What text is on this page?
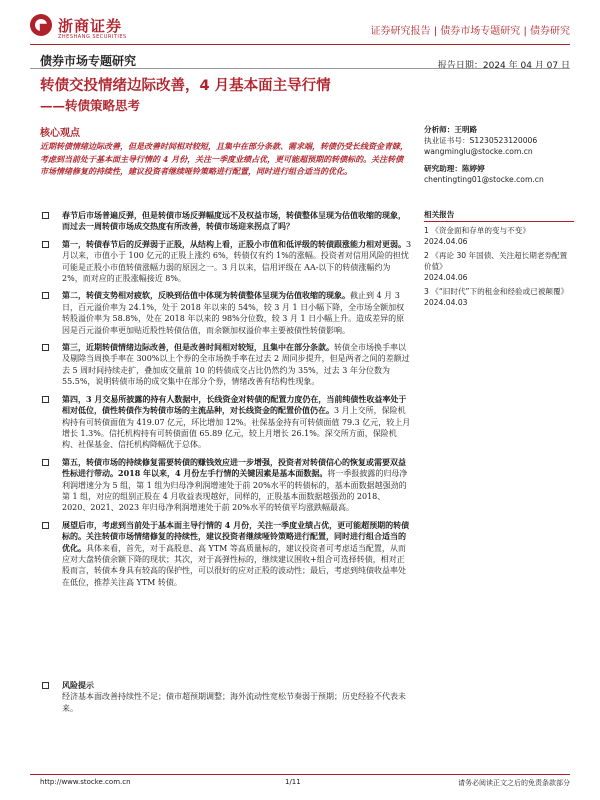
浙商证券
ZHESHANG SECURITIES	证券研究报告 | 债券市场专题研究 | 债券研究
债券市场专题研究	报告日期：2024 年 04 月 07 日
转债交投情绪边际改善，4 月基本面主导行情
——转债策略思考
核心观点
近期转债情绪边际改善，但是改善时间相对较短，且集中在部分条款、需求端，转债仍受长线资金青睐，考虑到当前处于基本面主导行情的 4 月份，关注一季度业绩占优，更可能超预期的转债标的。关注转债市场情绪修复的持续性，建议投资者继续哑铃策略进行配置，同时进行组合适当的优化。
分析师：王明路
执业证书号：S1230523120006
wangminglu@stocke.com.cn
研究助理：陈婷婷
chentingting01@stocke.com.cn
相关报告
1 《资金面和存单的变与不变》
2024.04.06
2 《再论 30 年国债、关注超长期老券配置价值》
2024.04.06
3 《“旧时代”下的租金和经验或已被颠覆》
2024.04.03
春节后市场普遍反弹，但是转债市场反弹幅度远不及权益市场，转债整体呈现为估值收缩的现象，而过去一周转债市场成交热度有所改善，转债市场迎来拐点了吗？
第一，转债春节后的反弹弱于正股，从结构上看，正股小市值和低评级的转债跟涨能力相对更弱。3 月以来，市值小于 100 亿元的正股上涨约 6%，转债仅有约 1%的涨幅。投资者对信用风险的担忧可能是正股小市值转债涨幅力弱的原因之一。3 月以来，信用评级在 AA-以下的转债涨幅约为 2%，而对应的正股涨幅接近 8%。
第二，转债支势相对疲软，反映到估值中体现为转债整体呈现为估值收缩的现象。截止到 4 月 3 日，百元溢价率为 24.1%，处于 2018 年以来的 54%，较 3 月 1 日小幅下降，全市场全额加权转股溢价率为 58.8%，处在 2018 年以来的 98%分位数，较 3 月 1 日小幅上升。造成差异的原因是百元溢价率更加贴近股性转债估值，而余额加权溢价率主要被债性转债影响。
第三，近期转债情绪边际改善，但是改善时间相对较短，且集中在部分条款。转债全市场换手率以及剔除当周换手率在 300%以上个券的全市场换手率在过去 2 周同步提升，但是两者之间的差额过去 5 周时间持续走扩，叠加成交量前 10 的转债成交占比仍然约为 35%，过去 3 年分位数为 55.5%，说明转债市场的成交集中在部分个券，情绪改善有结构性现象。
第四，3 月交易所披露的持有人数据中，长线资金对转债的配置力度仍在，当前纯债性收益率处于相对低位，债性转债作为转债市场的主流品种，对长线资金的配置价值仍在。3 月上交所，保险机构持有可转债面值为 419.07 亿元，环比增加 12%。社保基金持有可转债面值 79.3 亿元，较上月增长 1.3%。信托机构持有可转债面值 65.89 亿元，较上月增长 26.1%。深交所方面，保险机构、社保基金、信托机构降幅优于总体。
第五，转债市场的持续修复需要转债的赚钱效应进一步增强，投资者对转债信心的恢复或需要双益性标进行带动。2018 年以来，4 月份左手行情的关键因素是基本面数据。将一季报披露的归母净利润增速分为 5 组，第 1 组为归母净利润增速处于前 20%水平的转债标的，基本面数据越强劲的第 1 组，对应的组别正股在 4 月收益表现越好，同样的，正股基本面数据越强劲的 2018、2020、2021、2023 年归母净利润增速处于前 20%水平的转债平均涨跌幅最高。
展望后市，考虑到当前处于基本面主导行情的 4 月份，关注一季度业绩占优，更可能超预期的转债标的。关注转债市场情绪修复的持续性，建议投资者继续哑铃策略进行配置，同时进行组合适当的优化。具体来看，首先，对于高股息、高 YTM 等高质量标的，建议投资者可考虑适当配置，从而应对大盘转债余额下降的现状；其次，对于高弹性标的，继续建议围收+组合可选择转债，相对正股而言，转债本身具有较高的保护性，可以很好的应对正股的波动性；最后，考虑到纯债收益率处在低位，推荐关注高 YTM 转债。
风险提示
经济基本面改善持续性不足；债市超预期调整；海外流动性宽松节奏弱于预期；历史经验不代表未来。
http://www.stocke.com.cn	1/11	请务必阅读正文之后的免责条款部分
